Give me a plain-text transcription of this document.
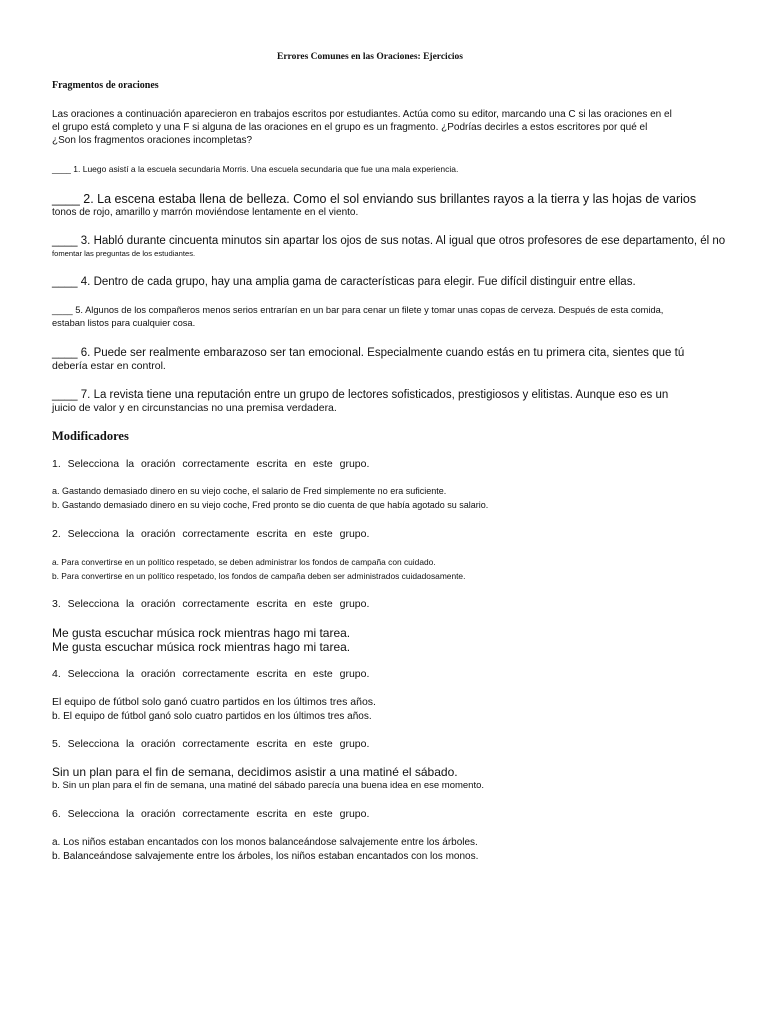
Errores Comunes en las Oraciones: Ejercicios
Fragmentos de oraciones
Las oraciones a continuación aparecieron en trabajos escritos por estudiantes. Actúa como su editor, marcando una C si las oraciones en el
el grupo está completo y una F si alguna de las oraciones en el grupo es un fragmento. ¿Podrías decirles a estos escritores por qué el
¿Son los fragmentos oraciones incompletas?
____ 1. Luego asistí a la escuela secundaria Morris. Una escuela secundaria que fue una mala experiencia.
____ 2. La escena estaba llena de belleza. Como el sol enviando sus brillantes rayos a la tierra y las hojas de varios
tonos de rojo, amarillo y marrón moviéndose lentamente en el viento.
____ 3. Habló durante cincuenta minutos sin apartar los ojos de sus notas. Al igual que otros profesores de ese departamento, él no
fomentar las preguntas de los estudiantes.
____ 4. Dentro de cada grupo, hay una amplia gama de características para elegir. Fue difícil distinguir entre ellas.
____ 5. Algunos de los compañeros menos serios entrarían en un bar para cenar un filete y tomar unas copas de cerveza. Después de esta comida,
estaban listos para cualquier cosa.
____ 6. Puede ser realmente embarazoso ser tan emocional. Especialmente cuando estás en tu primera cita, sientes que tú
debería estar en control.
____ 7. La revista tiene una reputación entre un grupo de lectores sofisticados, prestigiosos y elitistas. Aunque eso es un
juicio de valor y en circunstancias no una premisa verdadera.
Modificadores
1. Selecciona la oración correctamente escrita en este grupo.
a. Gastando demasiado dinero en su viejo coche, el salario de Fred simplemente no era suficiente.
b. Gastando demasiado dinero en su viejo coche, Fred pronto se dio cuenta de que había agotado su salario.
2. Selecciona la oración correctamente escrita en este grupo.
a. Para convertirse en un político respetado, se deben administrar los fondos de campaña con cuidado.
b. Para convertirse en un político respetado, los fondos de campaña deben ser administrados cuidadosamente.
3. Selecciona la oración correctamente escrita en este grupo.
Me gusta escuchar música rock mientras hago mi tarea.
Me gusta escuchar música rock mientras hago mi tarea.
4. Selecciona la oración correctamente escrita en este grupo.
El equipo de fútbol solo ganó cuatro partidos en los últimos tres años.
b. El equipo de fútbol ganó solo cuatro partidos en los últimos tres años.
5. Selecciona la oración correctamente escrita en este grupo.
Sin un plan para el fin de semana, decidimos asistir a una matiné el sábado.
b. Sin un plan para el fin de semana, una matiné del sábado parecía una buena idea en ese momento.
6. Selecciona la oración correctamente escrita en este grupo.
a. Los niños estaban encantados con los monos balanceándose salvajemente entre los árboles.
b. Balanceándose salvajemente entre los árboles, los niños estaban encantados con los monos.
